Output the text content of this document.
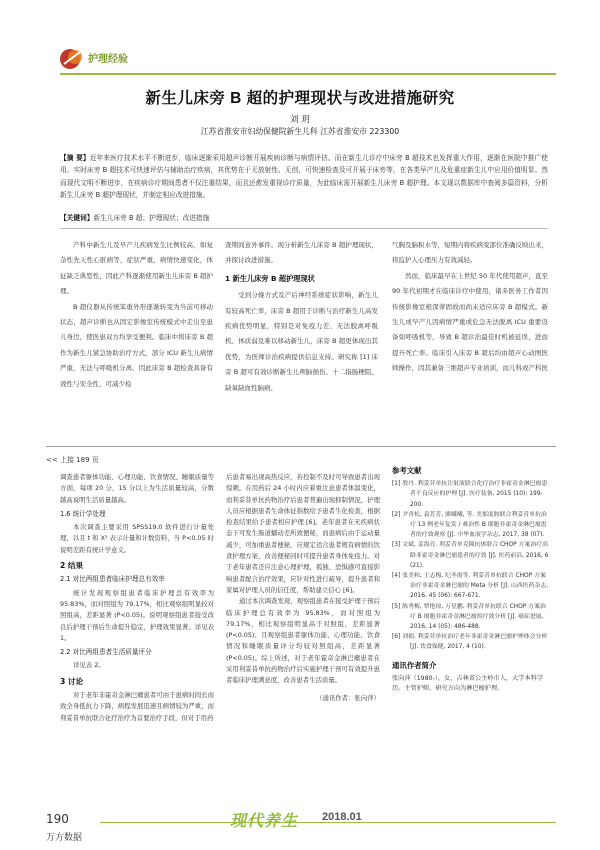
护理经验
新生儿床旁 B 超的护理现状与改进措施研究
刘 玥
江苏省淮安市妇幼保健院新生儿科 江苏省淮安市 223300
【摘 要】近年来医疗技术水平不断进步，临床逐渐采用超声诊断开展疾病诊断与病情评估。而在新生儿诊疗中床旁 B 超技术也发挥重大作用，逐渐在医院中推广使用。实时床旁 B 超技术可快速评估与辅助治疗疾病，其优势在于无放射性、无创，可快速检查及可开展于床旁等，在各类早产儿及危重症新生儿中应用价值明显。然而现代文明不断进步，在疾病诊疗期间患者不仅注重结果，而且还愈发重视诊疗质量，为此临床需开展新生儿床旁 B 超护理。本文现以数据库中查阅多篇资料，分析新生儿床旁 B 超护理现状，并制定相应改进措施。
【关键词】新生儿床旁 B 超；护理现状；改进措施

产科中新生儿及早产儿疾病发生比例较高，如复杂性先天性心脏病等，症状严重，病情快速变化，体征缺乏典型性，因此产科逐渐使用新生儿床旁 B 超护理。

B 超仪器从传统笨重外形逐渐转变为当前可移动状态，超声诊断也从固定影像室传统模式中走出至患儿身边，使医患双方均享受便利。临床中将床旁 B 超作为新生儿紧急协助治疗方式，部分 ICU 新生儿病情严重，无法与呼吸机分离，因此床旁 B 超检查具备有效性与安全性，可减少检

查期间意外事件。现分析新生儿床旁 B 超护理现状，并探讨改进措施。

1 新生儿床旁 B 超护理现状

受到分娩方式及产后神经系统症状影响，新生儿有较高死亡率，床旁 B 超用于诊断与治疗新生儿高发疾病优势明显，特别是对免疫力差、无法脱离呼吸机、体质弱及难以移动新生儿，床旁 B 超更体现出其优势，为医师诊治疾病提供信息支持。研究称 [1] 床旁 B 超可有效诊断新生儿颅脑损伤、十二指肠梗阻、缺氧缺血性脑病、

气胸及脑积水等，短期内将疾病变部位准确反映出来，将监护人心理压力有效减轻。

然而，临床最早在上世纪 50 年代使用超声，直至 90 年代初期才在临床诊疗中使用，诸多医务工作者因传统影像室根深蒂固故而尚未适应床旁 B 超模式。新生儿或早产儿因病情严重或危急无法脱离 ICU 重要设备如呼吸机等，导致 B 超诊治最佳时机被延误，进而提升死亡率。临床引入床旁 B 超后均由超声心动图医师操作，因其兼备三维超声专业培训，而儿科或产科医

<< 上接 189 页

调查患者躯体功能、心理功能、饮食情况、睡眠质量等方面，每项 20 分，15 分以上为生活质量较高，分数越高说明生活质量越高。

1.6 统计学处理

本次调查主要采用 SPSS19.0 软件进行计量处理，以且 t 和 X² 表示计量和计数资料，当 P<0.05 时说明差距有统计学意义。

2 结果
2.1 对比两组患者临床护理总有效率

统计发现观察组患者临床护理总有效率为 95.83%，而对照组为 79.17%，相比观察组明显较对照组高，差距显著 (P<0.05)。说明观察组患者接受改良后护理干预后生命提升稳定，护理效果显著。详见表 1。

2.2 对比两组患者生活质量评分

详见表 2。

3 讨论

对于老年非霍奇金淋巴瘤患者可由于患病时间长而致全身抵抗力下降，病程发展迅速且病情较为严重，而利妥昔单抗联合化疗治疗为首要治疗手段，但对于用药

后患者易出现高热反应，若控制不及时可导致患者出现惊厥。在用药后 24 小时内应着重注意患者体温变化，而利妥昔单抗药物治疗后患者普遍出现抑制情况，护理人员应根据患者生命体征指数给予患者生化检查，根据检查结果给予患者相应护理 [6]。老年患者在无疾病状态下可发生肠道蠕动差所致便秘，而患病后由于运动量减少，可加重患者便秘，应规定适合患者规有病情的饮食护理方案，改善便秘同时可提升患者身体免疫力。对于老年患者还应注意心理护理，孤独、恐惧感可直接影响患者配合治疗效果，应针对性进行疏导，提升患者和家属对护理人员的信任度，帮助建立信心 [6]。

通过本次调查发现，观察组患者在接受护理干预后临床护理总有效率为 95.83%，而对照组为 79.17%，相比观察组明显高于对照组，差距显著 (P<0.05)；且观察组患者躯体功能、心理功能、饮食情况和睡眠质量评分均较对照组高，差距显著 (P<0.05)。综上所述，对于老年霍奇金淋巴瘤患者在采用利妥昔单抗药物治疗后实施护理干预可有效提升患者临床护理满意度，改善患者生活质量。

（通讯作者：张向萍）

参考文献

[1] 殷丹. 利妥昔单抗注射液联合化疗治疗非霍奇金淋巴瘤患者不良反应的护理 [J]. 医疗装备, 2015 (10): 199-200.

[2] 尹青松, 袁芳芳, 熊曦曦, 等. 美那度胺联合利妥昔单抗治疗 13 例老年复发 / 难治性 B 细胞非霍奇金淋巴瘤患者的疗效观察 [J]. 中华血液学杂志, 2017, 38 (07).

[3] 文斌, 姜海亮. 利妥昔单克隆抗体联合 CHOP 方案治疗高龄非霍奇金淋巴瘤患者的疗效 [J]. 医药前沿, 2016, 6 (21).

[4] 张美和, 王志梅, 纪冬霞等. 利妥昔单抗联合 CHOP 方案治疗非霍奇金淋巴瘤的 Meta 分析 [J]. 山西医药杂志, 2016, 45 (06): 667-671.

[5] 陈秀梅, 覃艳琼, 万星鹏. 利妥昔单抗联合 CHOP 方案治疗 B 细胞非霍奇金淋巴瘤的疗效分析 [J]. 癌症进展, 2016, 14 (05): 486-488.

[6] 刘娟. 利妥昔单抗治疗老年非霍奇金淋巴瘤护理体会分析 [J]. 饮食保健, 2017, 4 (10).

通讯作者简介

张向萍（1980-），女，吉林省公主岭市人，大学本科学历。主管护师。研究方向为淋巴瘤护理。

190	现代养生 2018.01
万方数据
